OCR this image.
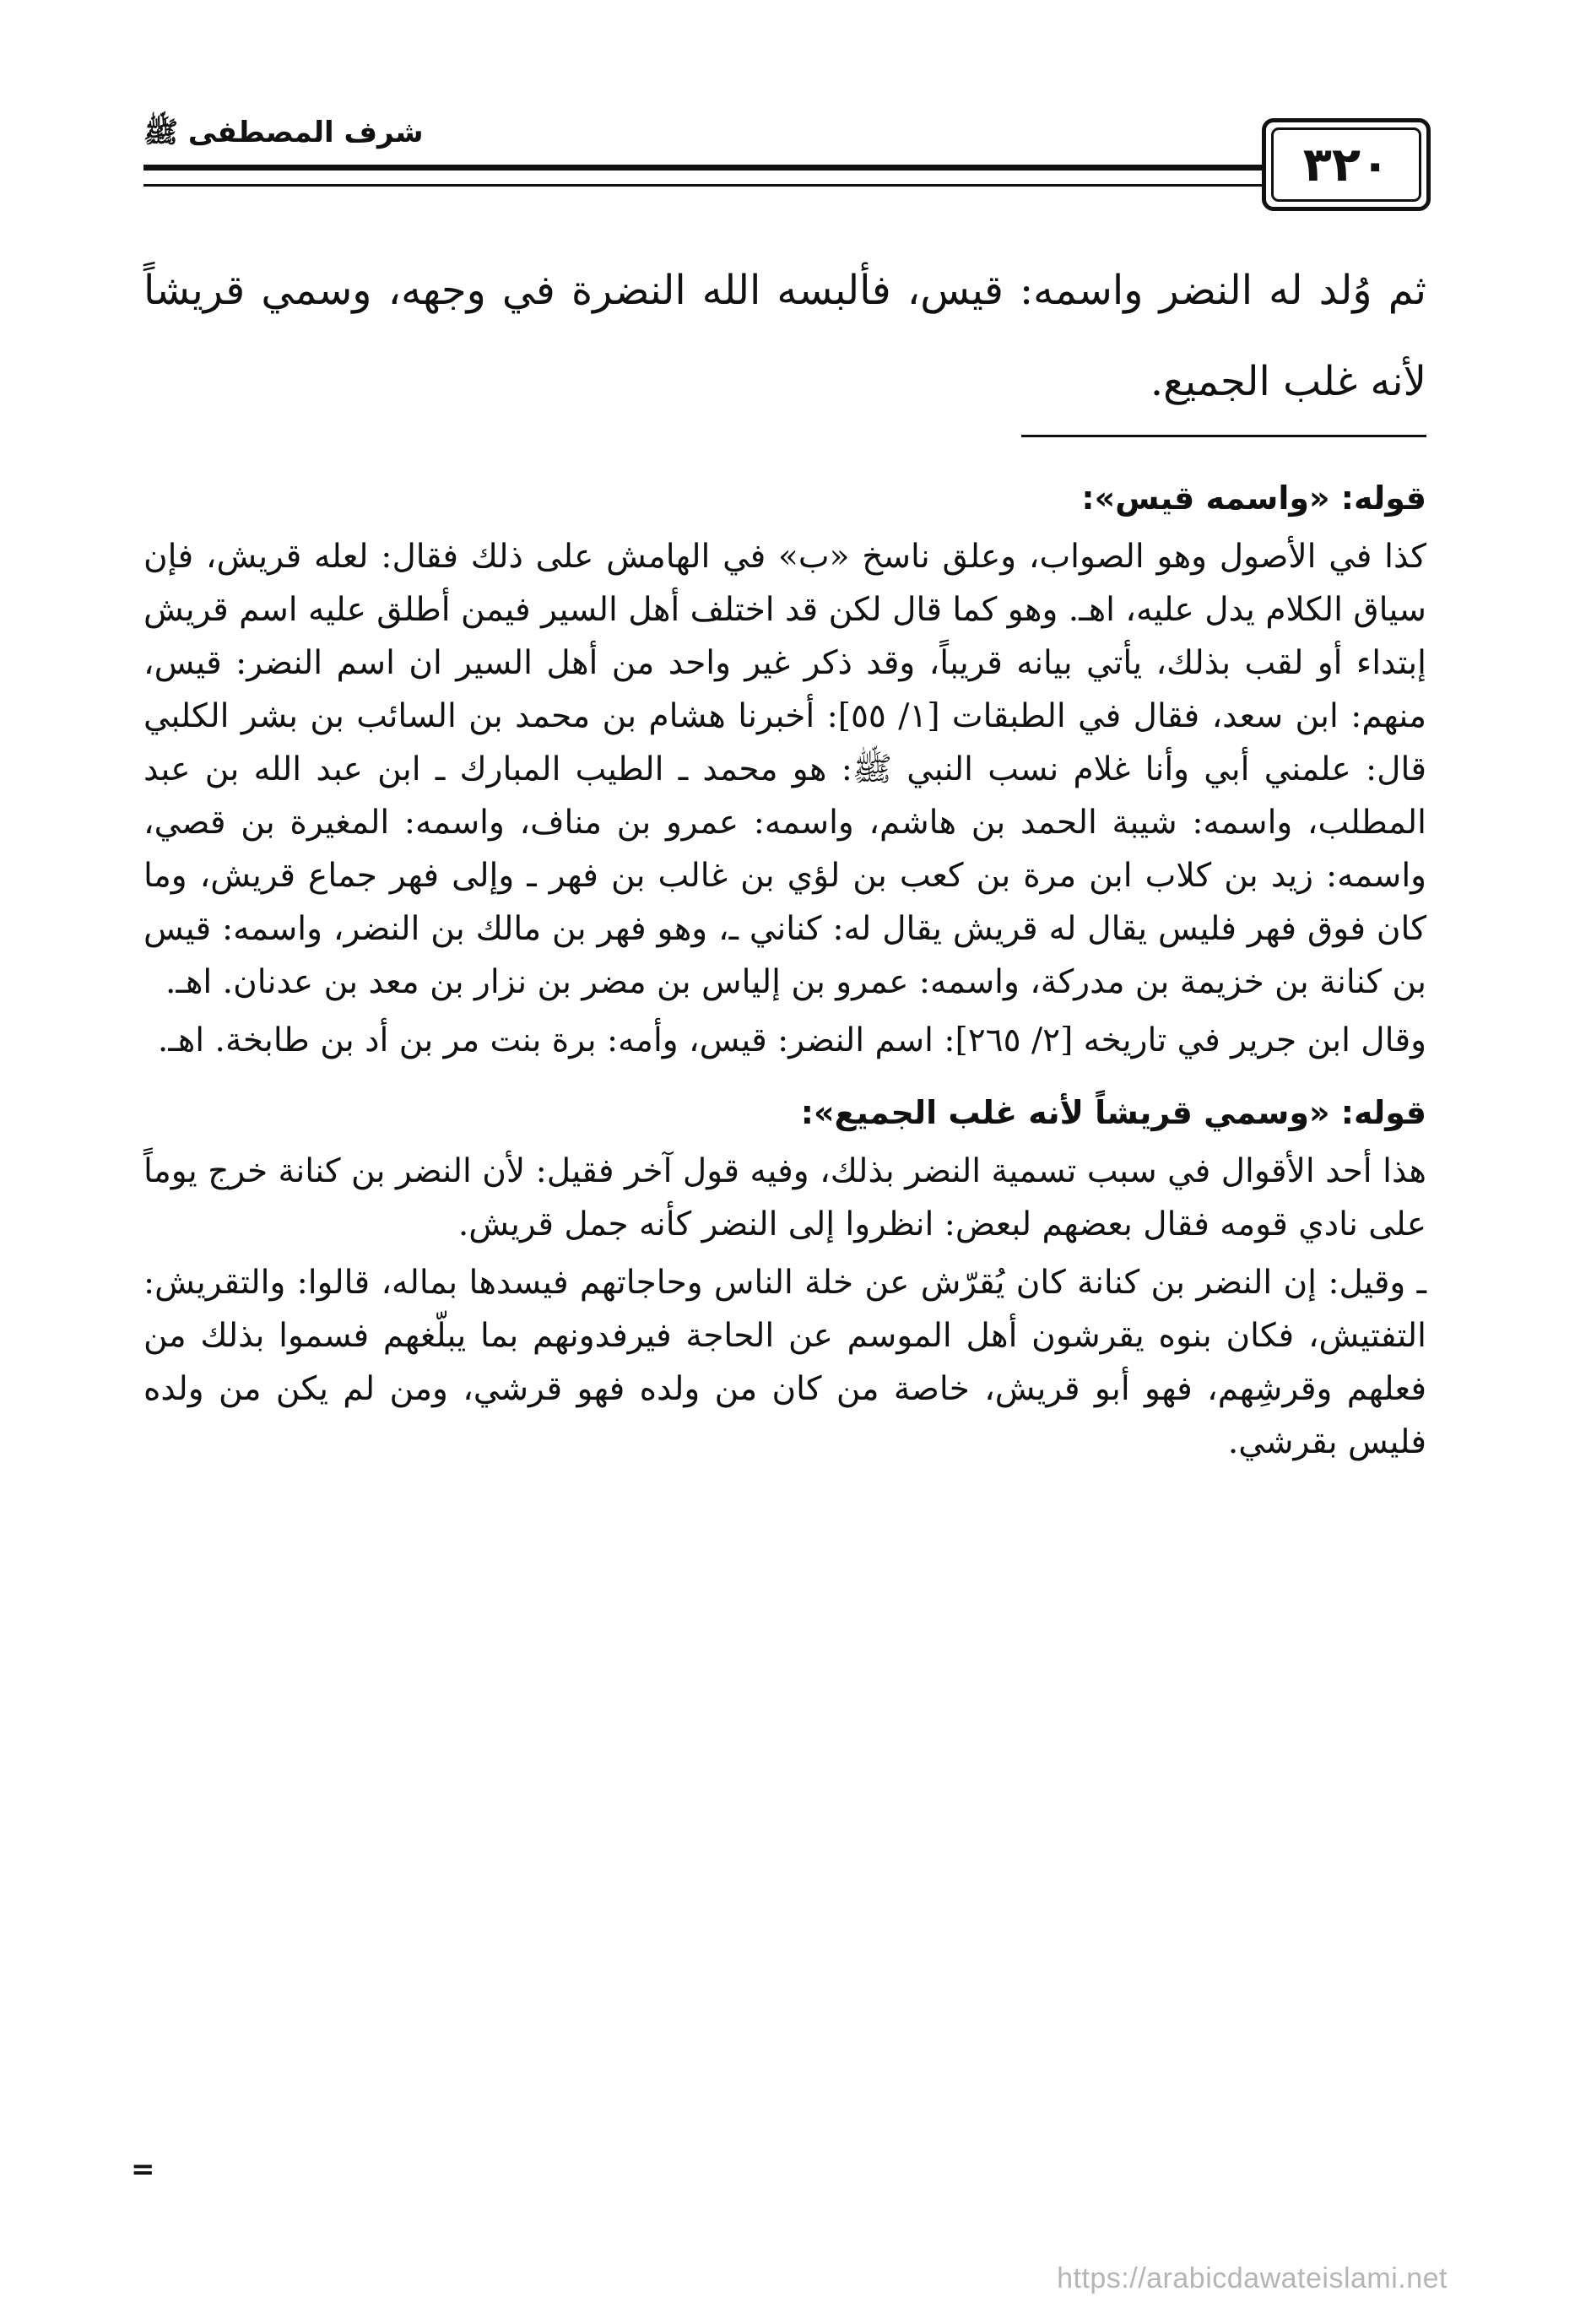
شرف المصطفى ﷺ
٣٢٠

ثم وُلد له النضر واسمه: قيس، فألبسه الله النضرة في وجهه، وسمي قريشاً لأنه غلب الجميع.

قوله: «واسمه قيس»:

كذا في الأصول وهو الصواب، وعلق ناسخ «ب» في الهامش على ذلك فقال: لعله قريش، فإن سياق الكلام يدل عليه، اهـ. وهو كما قال لكن قد اختلف أهل السير فيمن أطلق عليه اسم قريش إبتداء أو لقب بذلك، يأتي بيانه قريباً، وقد ذكر غير واحد من أهل السير ان اسم النضر: قيس، منهم: ابن سعد، فقال في الطبقات [١/ ٥٥]: أخبرنا هشام بن محمد بن السائب بن بشر الكلبي قال: علمني أبي وأنا غلام نسب النبي ﷺ: هو محمد ـ الطيب المبارك ـ ابن عبد الله بن عبد المطلب، واسمه: شيبة الحمد بن هاشم، واسمه: عمرو بن مناف، واسمه: المغيرة بن قصي، واسمه: زيد بن كلاب ابن مرة بن كعب بن لؤي بن غالب بن فهر ـ وإلى فهر جماع قريش، وما كان فوق فهر فليس يقال له قريش يقال له: كناني ـ، وهو فهر بن مالك بن النضر، واسمه: قيس بن كنانة بن خزيمة بن مدركة، واسمه: عمرو بن إلياس بن مضر بن نزار بن معد بن عدنان. اهـ.

وقال ابن جرير في تاريخه [٢/ ٢٦٥]: اسم النضر: قيس، وأمه: برة بنت مر بن أد بن طابخة. اهـ.

قوله: «وسمي قريشاً لأنه غلب الجميع»:

هذا أحد الأقوال في سبب تسمية النضر بذلك، وفيه قول آخر فقيل: لأن النضر بن كنانة خرج يوماً على نادي قومه فقال بعضهم لبعض: انظروا إلى النضر كأنه جمل قريش.

ـ وقيل: إن النضر بن كنانة كان يُقرّش عن خلة الناس وحاجاتهم فيسدها بماله، قالوا: والتقريش: التفتيش، فكان بنوه يقرشون أهل الموسم عن الحاجة فيرفدونهم بما يبلّغهم فسموا بذلك من فعلهم وقرشِهم، فهو أبو قريش، خاصة من كان من ولده فهو قرشي، ومن لم يكن من ولده فليس بقرشي.

=
https://arabicdawateislami.net
